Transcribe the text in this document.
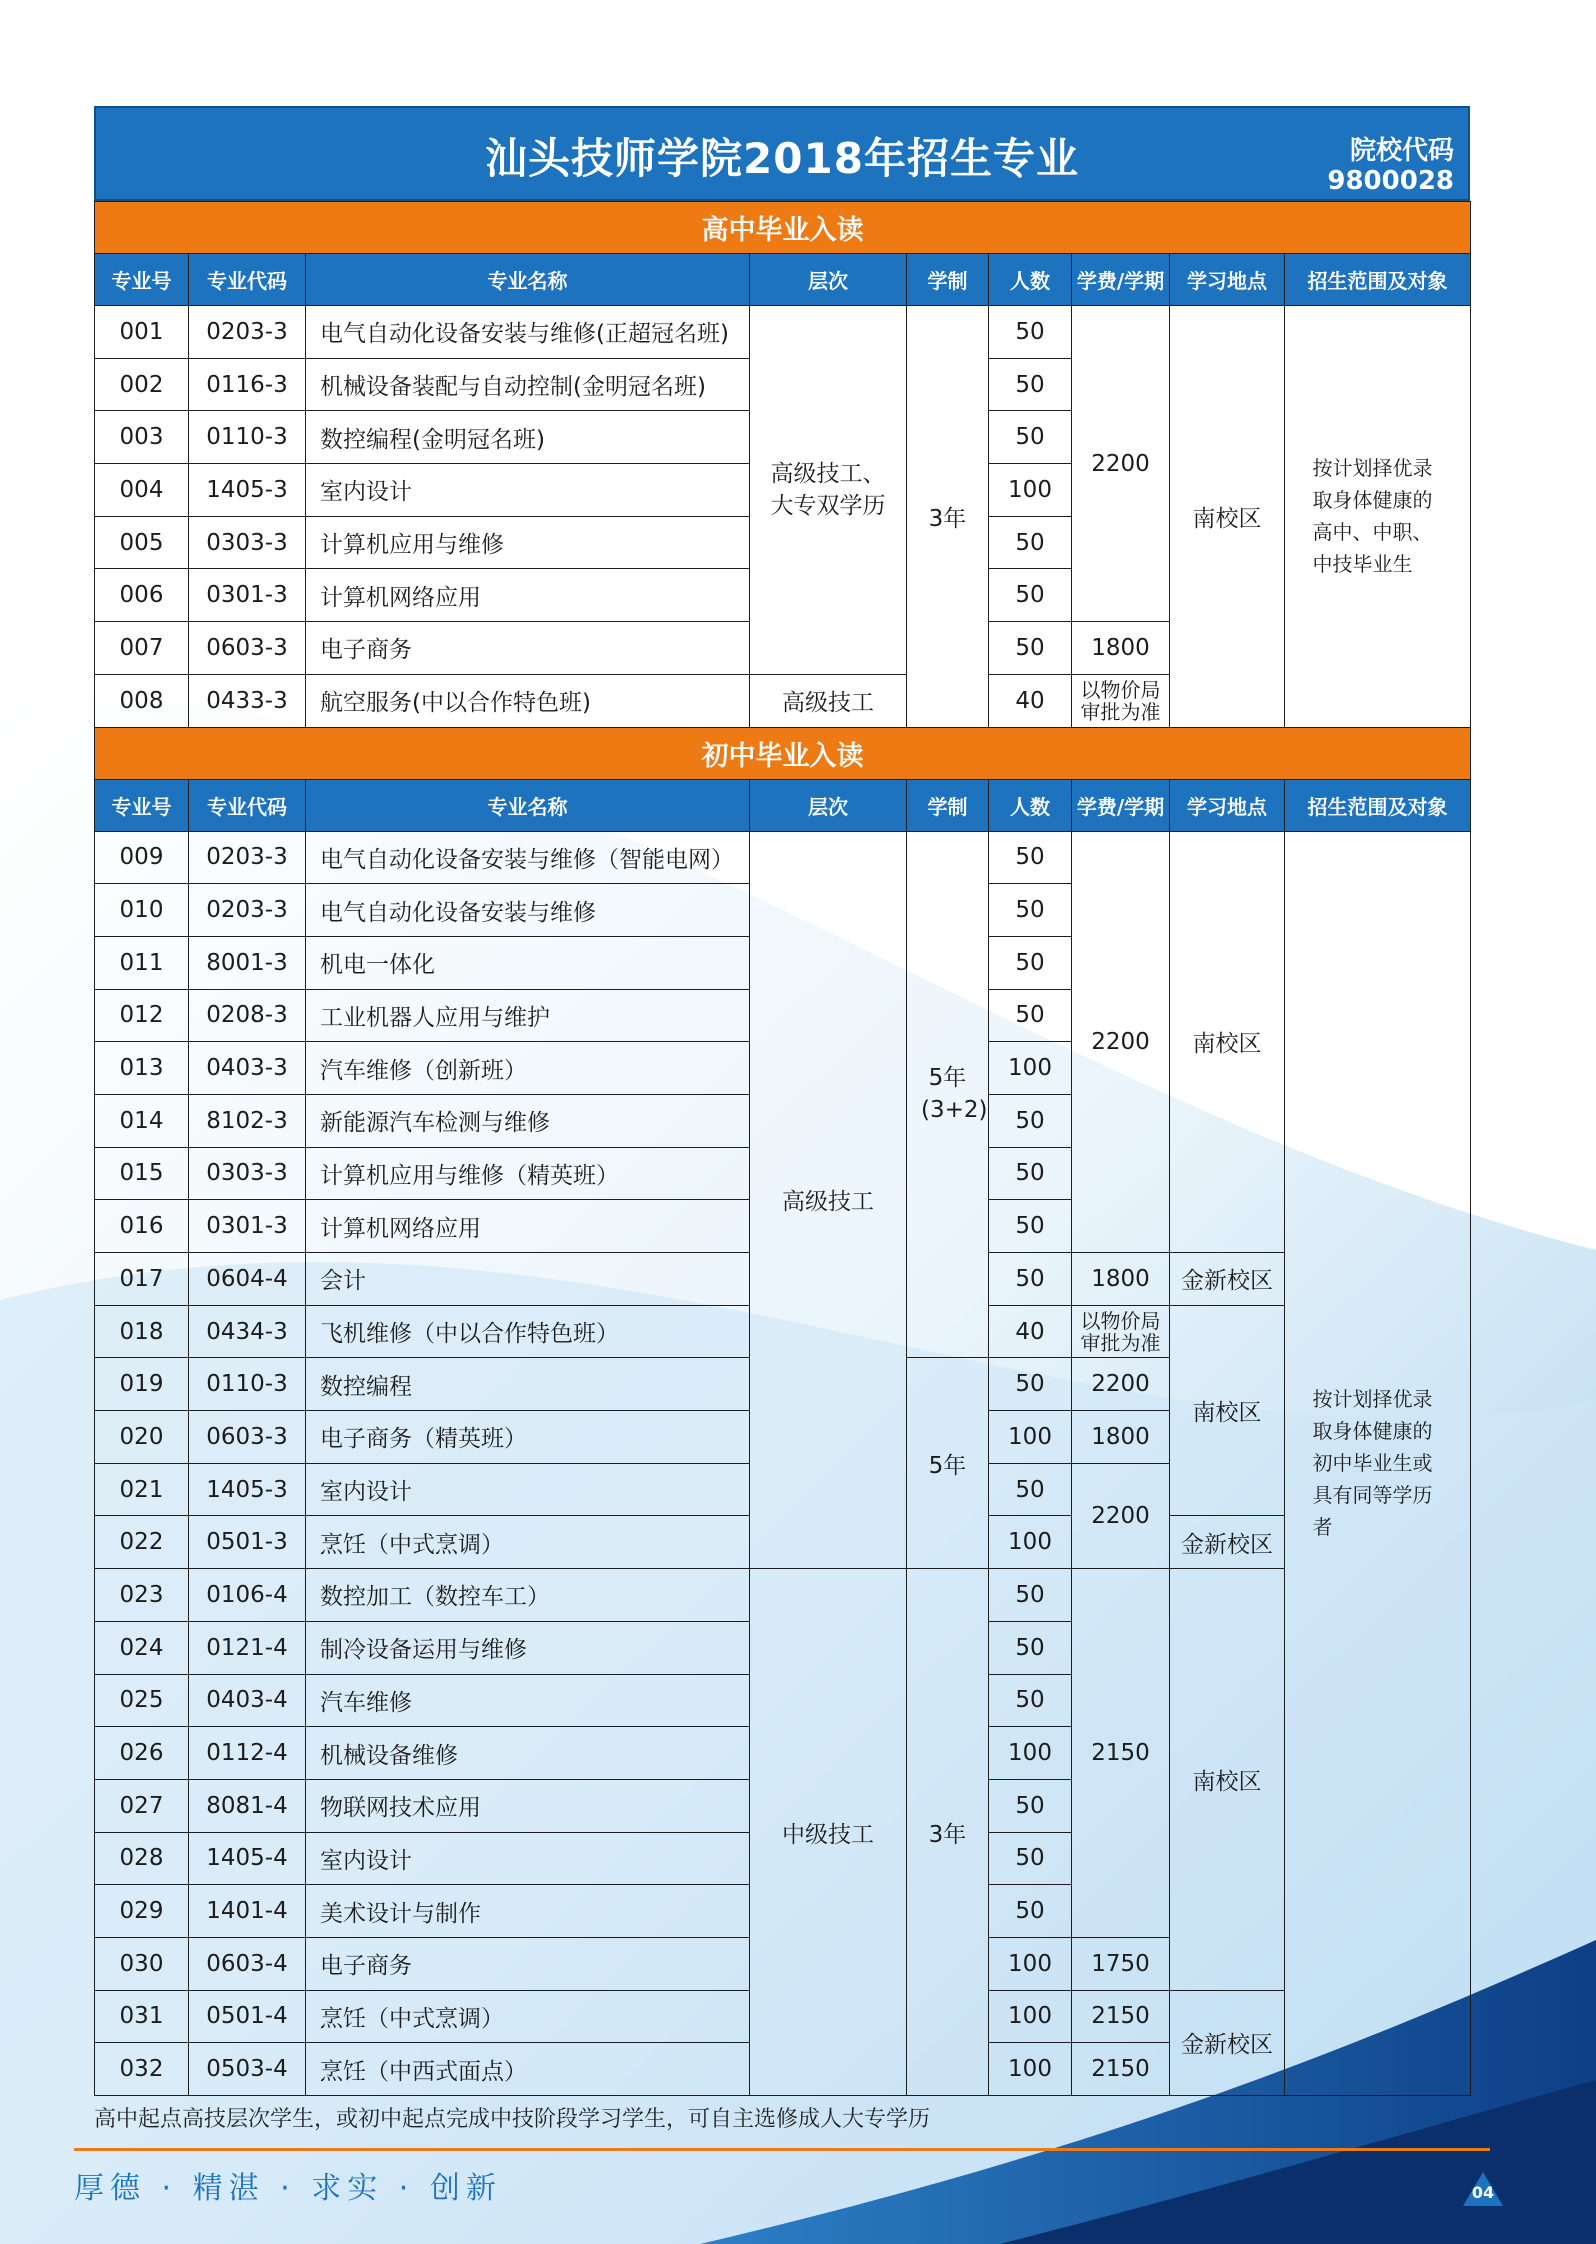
汕头技师学院2018年招生专业	院校代码
9800028
高中毕业入读								
专业号	专业代码	专业名称	层次	学制	人数	学费/学期	学习地点	招生范围及对象
001	0203-3	电气自动化设备安装与维修(正超冠名班)	高级技工、大专双学历	3年	50	2200	南校区	按计划择优录取身体健康的高中、中职、中技毕业生
002	0116-3	机械设备装配与自动控制(金明冠名班)			50			
003	0110-3	数控编程(金明冠名班)			50			
004	1405-3	室内设计			100			
005	0303-3	计算机应用与维修			50			
006	0301-3	计算机网络应用			50			
007	0603-3	电子商务			50	1800		
008	0433-3	航空服务(中以合作特色班)	高级技工		40	以物价局审批为准		
初中毕业入读								
专业号	专业代码	专业名称	层次	学制	人数	学费/学期	学习地点	招生范围及对象
009	0203-3	电气自动化设备安装与维修（智能电网）	高级技工	5年(3+2)	50	2200	南校区	按计划择优录取身体健康的初中毕业生或具有同等学历者
010	0203-3	电气自动化设备安装与维修			50			
011	8001-3	机电一体化			50			
012	0208-3	工业机器人应用与维护			50			
013	0403-3	汽车维修（创新班）			100			
014	8102-3	新能源汽车检测与维修			50			
015	0303-3	计算机应用与维修（精英班）			50			
016	0301-3	计算机网络应用			50			
017	0604-4	会计			50	1800	金新校区	
018	0434-3	飞机维修（中以合作特色班）			40	以物价局审批为准	南校区	
019	0110-3	数控编程		5年	50	2200		
020	0603-3	电子商务（精英班）			100	1800		
021	1405-3	室内设计			50	2200		
022	0501-3	烹饪（中式烹调）			100		金新校区	
023	0106-4	数控加工（数控车工）	中级技工	3年	50	2150	南校区	
024	0121-4	制冷设备运用与维修			50			
025	0403-4	汽车维修			50			
026	0112-4	机械设备维修			100			
027	8081-4	物联网技术应用			50			
028	1405-4	室内设计			50			
029	1401-4	美术设计与制作			50			
030	0603-4	电子商务			100	1750		
031	0501-4	烹饪（中式烹调）			100	2150	金新校区	
032	0503-4	烹饪（中西式面点）			100	2150		
高中起点高技层次学生，或初中起点完成中技阶段学习学生，可自主选修成人大专学历
厚德 · 精湛 · 求实 · 创新	04
